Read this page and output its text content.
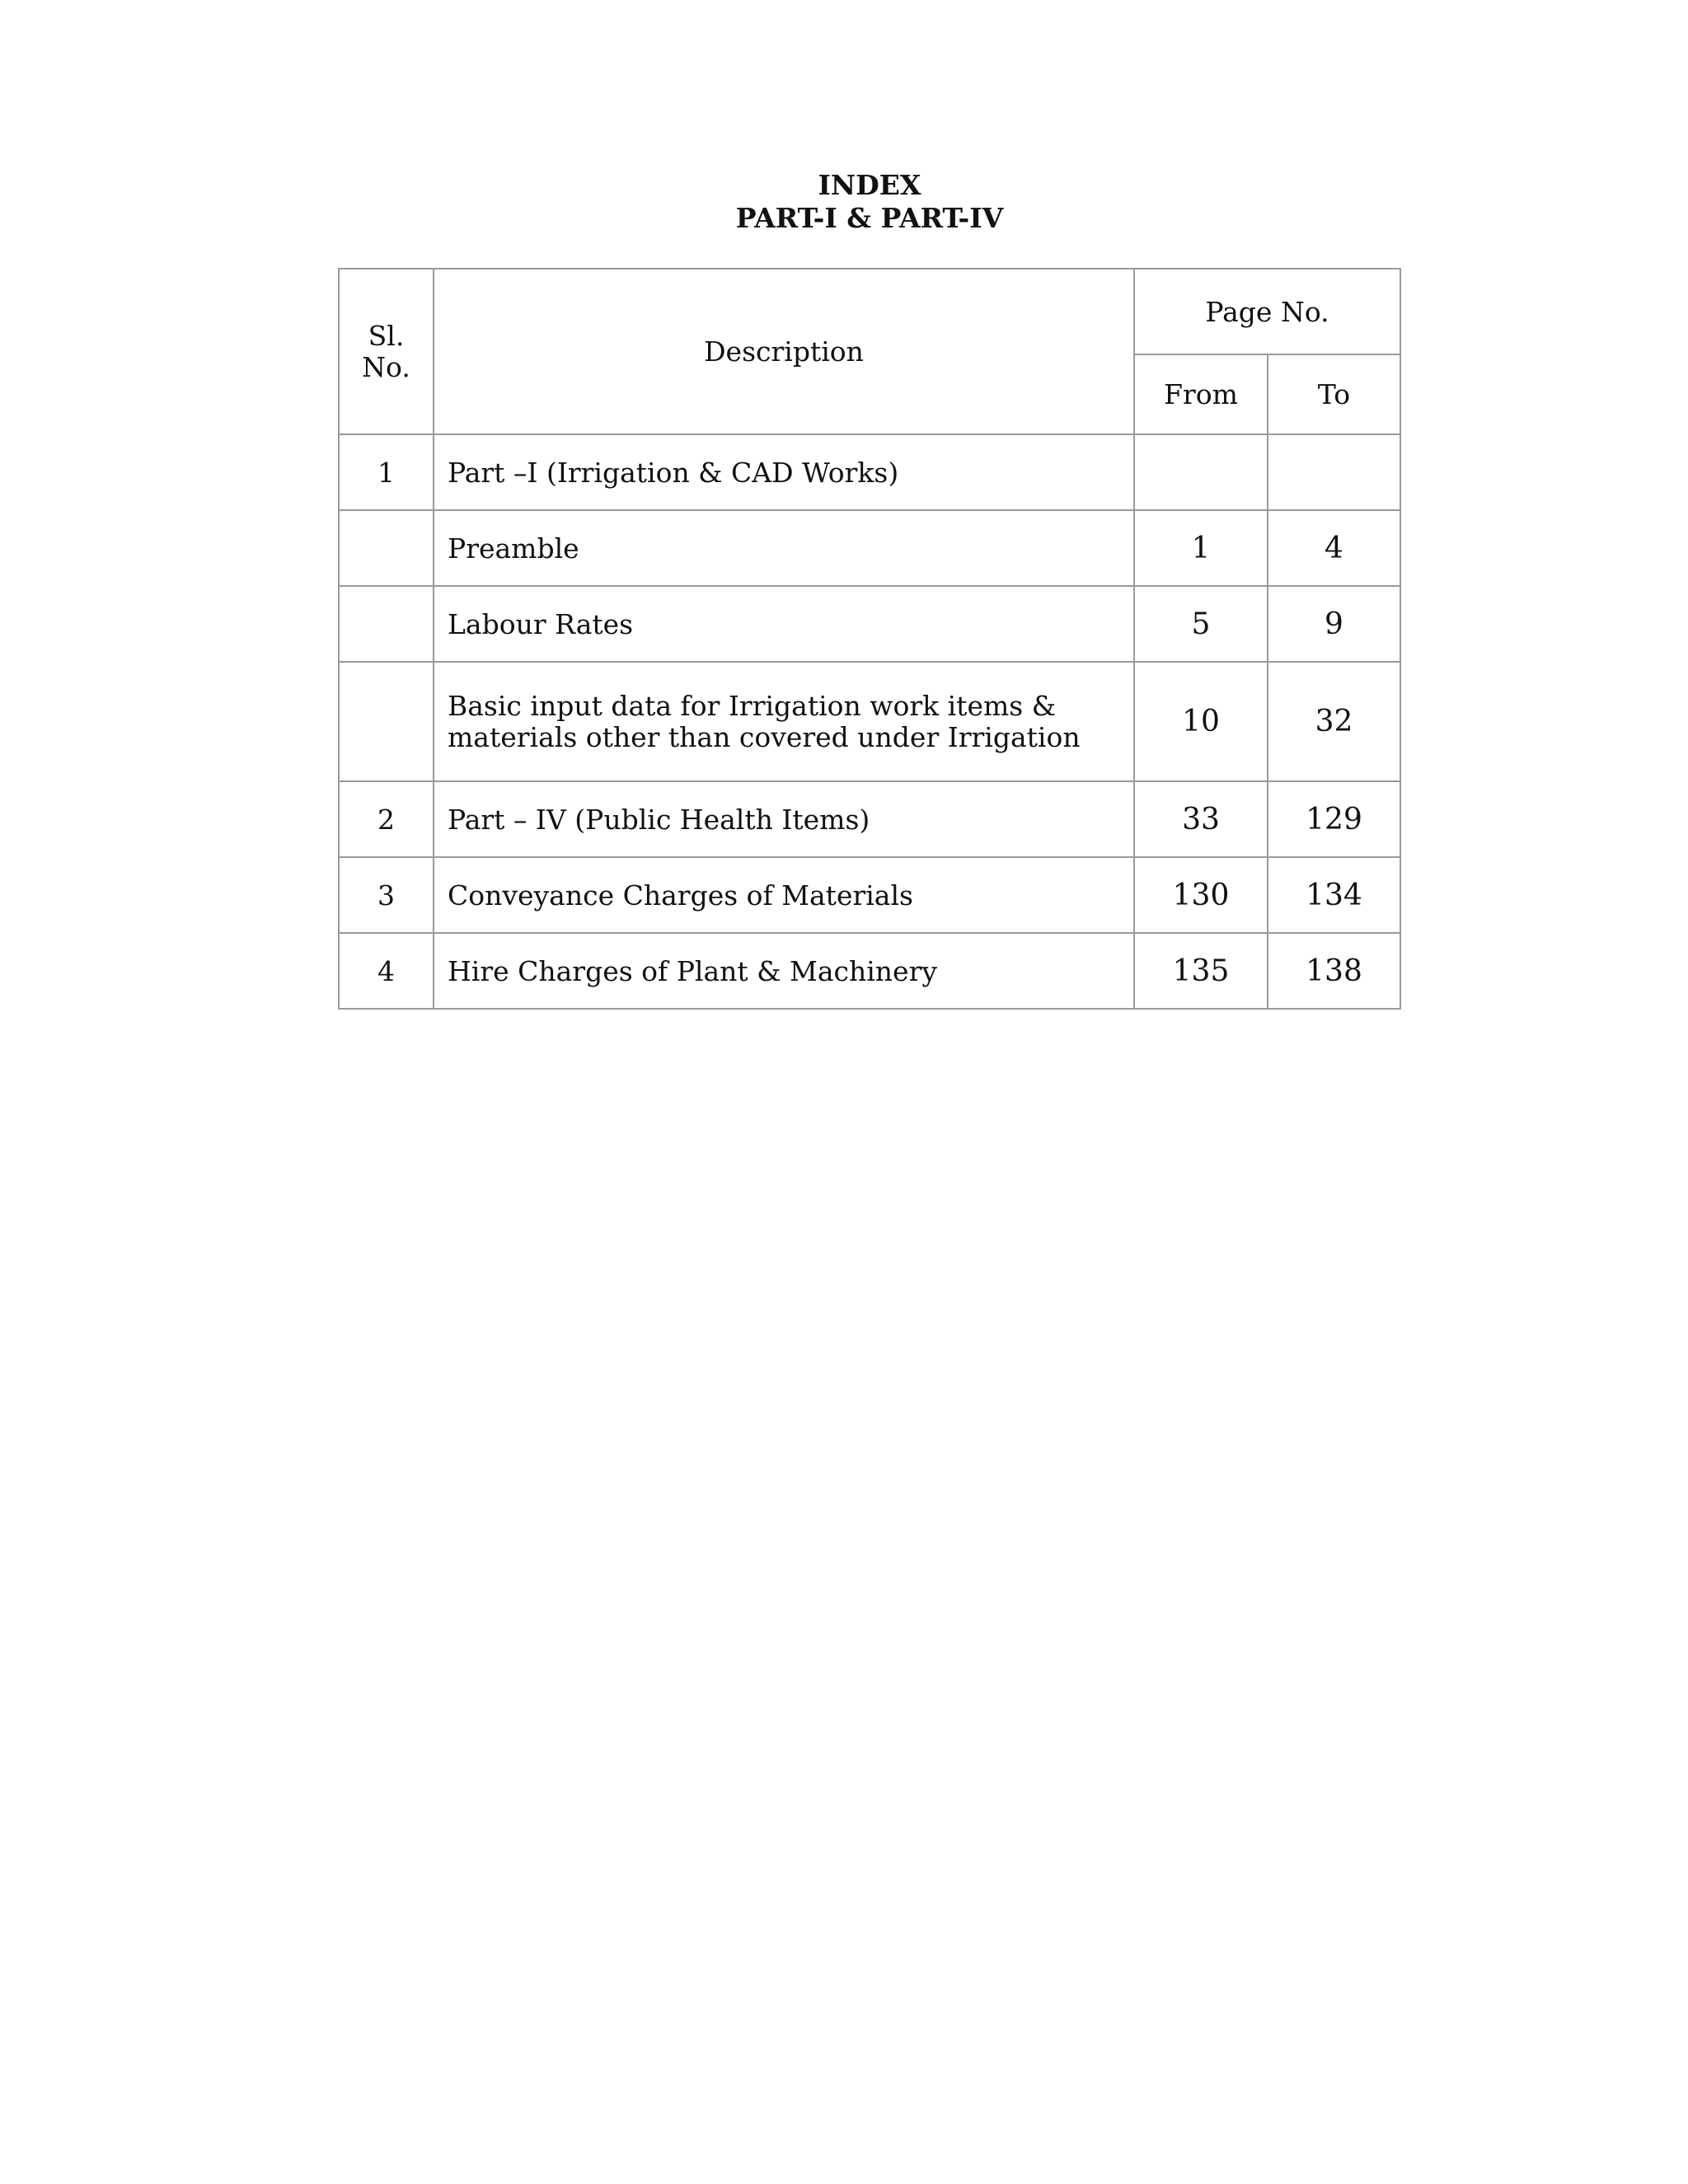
INDEX
PART-I & PART-IV
Sl.
No.	Description	Page No.	
		From	To
1	Part –I (Irrigation & CAD Works)		
	Preamble	1	4
	Labour Rates	5	9
	Basic input data for Irrigation work items & materials other than covered under Irrigation	10	32
2	Part – IV (Public Health Items)	33	129
3	Conveyance Charges of Materials	130	134
4	Hire Charges of Plant & Machinery	135	138
